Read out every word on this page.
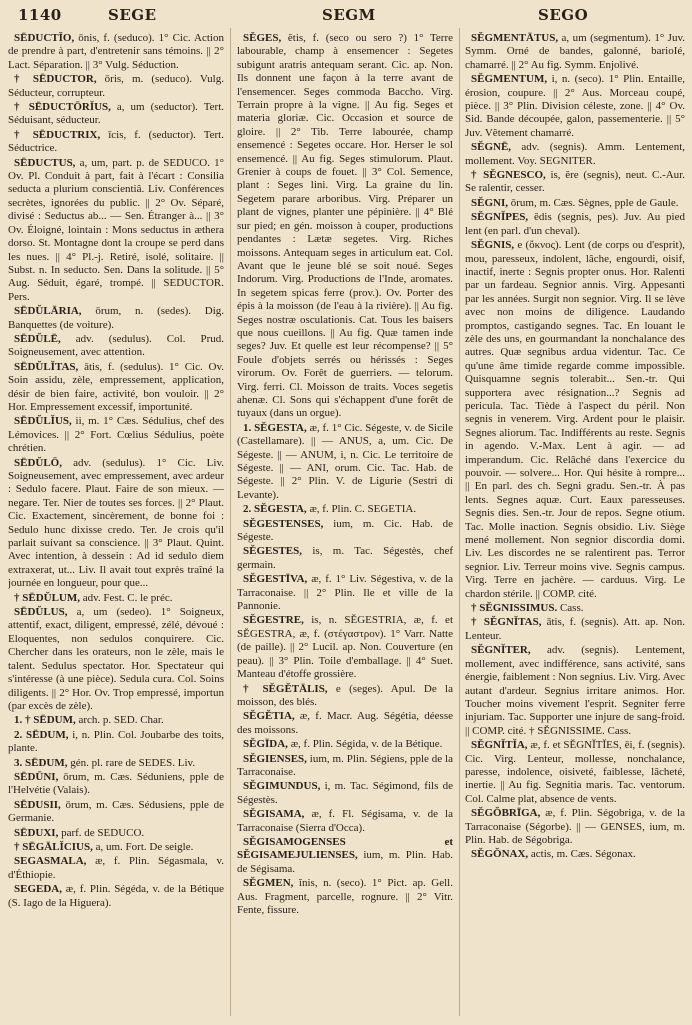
1140	SEGE	SEGM	SEGO

SĒDUCTĬO, ōnis, f. (seduco). 1° Cic. Action de prendre à part, d'entretenir sans témoins. || 2° Lact. Séparation. || 3° Vulg. Séduction.

† SĒDUCTOR, ōris, m. (seduco). Vulg. Séducteur, corrupteur.

† SĒDUCTŌRĬUS, a, um (seductor). Tert. Séduisant, séducteur.

† SĒDUCTRIX, īcis, f. (seductor). Tert. Séductrice.

SĒDUCTUS, a, um, part. p. de SEDUCO. 1° Ov. Pl. Conduit à part, fait à l'écart : Consilia seducta a plurium conscientiâ. Liv. Conférences secrètes, ignorées du public. || 2° Ov. Séparé, divisé : Seductus ab... — Sen. Étranger à... || 3° Ov. Éloigné, lointain : Mons seductus in æthera dorso. St. Montagne dont la croupe se perd dans les nues. || 4° Pl.-j. Retiré, isolé, solitaire. || Subst. n. In seducto. Sen. Dans la solitude. || 5° Aug. Séduit, égaré, trompé. || SEDUCTOR. Pers.

SĒDŬLĀRIA, ōrum, n. (sedes). Dig. Banquettes (de voiture).

SĒDŬLĒ, adv. (sedulus). Col. Prud. Soigneusement, avec attention.

SĒDŬLĬTAS, ātis, f. (sedulus). 1° Cic. Ov. Soin assidu, zèle, empressement, application, désir de bien faire, activité, bon vouloir. || 2° Hor. Empressement excessif, importunité.

SĒDŬLĬUS, ii, m. 1° Cæs. Sédulius, chef des Lémovices. || 2° Fort. Cœlius Sédulius, poète chrétien.

SĒDŬLŌ, adv. (sedulus). 1° Cic. Liv. Soigneusement, avec empressement, avec ardeur : Sedulo facere. Plaut. Faire de son mieux. — negare. Ter. Nier de toutes ses forces. || 2° Plaut. Cic. Exactement, sincèrement, de bonne foi : Sedulo hunc dixisse credo. Ter. Je crois qu'il parlait suivant sa conscience. || 3° Plaut. Quint. Avec intention, à dessein : Ad id sedulo diem extraxerat, ut... Liv. Il avait tout exprès traîné la journée en longueur, pour que...

† SĒDŬLUM, adv. Fest. C. le préc.

SĒDŬLUS, a, um (sedeo). 1° Soigneux, attentif, exact, diligent, empressé, zélé, dévoué : Eloquentes, non sedulos conquirere. Cic. Chercher dans les orateurs, non le zèle, mais le talent. Sedulus spectator. Hor. Spectateur qui s'intéresse (à une pièce). Sedula cura. Col. Soins diligents. || 2° Hor. Ov. Trop empressé, importun (par excès de zèle).

1. † SĒDUM, arch. p. SED. Char.

2. SĒDUM, i, n. Plin. Col. Joubarbe des toits, plante.

3. SĒDUM, gén. pl. rare de SEDES. Liv.

SĒDŪNI, ōrum, m. Cæs. Séduniens, pple de l'Helvétie (Valais).

SĒDUSII, ōrum, m. Cæs. Sédusiens, pple de Germanie.

SĒDUXI, parf. de SEDUCO.

† SĒGĀLĬCIUS, a, um. Fort. De seigle.

SEGASMALA, æ, f. Plin. Ségasmala, v. d'Éthiopie.

SEGEDA, æ, f. Plin. Ségéda, v. de la Bétique (S. Iago de la Higuera).

SĔGES, ĕtis, f. (seco ou sero ?) 1° Terre labourable, champ à ensemencer : Segetes subigunt aratris antequam serant. Cic. ap. Non. Ils donnent une façon à la terre avant de l'ensemencer. Seges commoda Baccho. Virg. Terrain propre à la vigne. || Au fig. Seges et materia gloriæ. Cic. Occasion et source de gloire. || 2° Tib. Terre labourée, champ ensemencé : Segetes occare. Hor. Herser le sol ensemencé. || Au fig. Seges stimulorum. Plaut. Grenier à coups de fouet. || 3° Col. Semence, plant : Seges lini. Virg. La graine du lin. Segetem parare arboribus. Virg. Préparer un plant de vignes, planter une pépinière. || 4° Blé sur pied; en gén. moisson à couper, productions pendantes : Lætæ segetes. Virg. Riches moissons. Antequam seges in articulum eat. Col. Avant que le jeune blé se soit noué. Seges Indorum. Virg. Productions de l'Inde, aromates. In segetem spicas ferre (prov.). Ov. Porter des épis à la moisson (de l'eau à la rivière). || Au fig. Seges nostræ osculationis. Cat. Tous les baisers que nous cueillons. || Au fig. Quæ tamen inde seges? Juv. Et quelle est leur récompense? || 5° Foule d'objets serrés ou hérissés : Seges virorum. Ov. Forêt de guerriers. — telorum. Virg. ferri. Cl. Moisson de traits. Voces segetis ahenæ. Cl. Sons qui s'échappent d'une forêt de tuyaux (dans un orgue).

1. SĔGESTA, æ, f. 1° Cic. Ségeste, v. de Sicile (Castellamare). || — ANUS, a, um. Cic. De Ségeste. || — ANUM, i, n. Cic. Le territoire de Ségeste. || — ANI, orum. Cic. Tac. Hab. de Ségeste. || 2° Plin. V. de Ligurie (Sestri di Levante).

2. SĔGESTA, æ, f. Plin. C. SEGETIA.

SĔGESTENSES, ium, m. Cic. Hab. de Ségeste.

SĔGESTES, is, m. Tac. Ségestès, chef germain.

SĔGESTĪVA, æ, f. 1° Liv. Ségestiva, v. de la Tarraconaise. || 2° Plin. Ile et ville de la Pannonie.

SĔGESTRE, is, n. SĔGESTRIA, æ, f. et SĔGESTRA, æ, f. (στέγαστρον). 1° Varr. Natte (de paille). || 2° Lucil. ap. Non. Couverture (en peau). || 3° Plin. Toile d'emballage. || 4° Suet. Manteau d'étoffe grossière.

† SĔGĔTĀLIS, e (seges). Apul. De la moisson, des blés.

SĔGĔTIA, æ, f. Macr. Aug. Ségétia, déesse des moissons.

SĔGĪDA, æ, f. Plin. Ségida, v. de la Bétique.

SĔGIENSES, ium, m. Plin. Ségiens, pple de la Tarraconaise.

SĔGIMUNDUS, i, m. Tac. Ségimond, fils de Ségestès.

SĔGISAMA, æ, f. Fl. Ségisama, v. de la Tarraconaise (Sierra d'Occa).

SĔGISAMOGENSES et SĔGISAMEJULIENSES, ium, m. Plin. Hab. de Ségisama.

SĔGMEN, ĭnis, n. (seco). 1° Pict. ap. Gell. Aus. Fragment, parcelle, rognure. || 2° Vitr. Fente, fissure.

SĔGMENTĀTUS, a, um (segmentum). 1° Juv. Symm. Orné de bandes, galonné, barioIé, chamarré. || 2° Au fig. Symm. Enjolivé.

SĔGMENTUM, i, n. (seco). 1° Plin. Entaille, érosion, coupure. || 2° Aus. Morceau coupé, pièce. || 3° Plin. Division céleste, zone. || 4° Ov. Sid. Bande découpée, galon, passementerie. || 5° Juv. Vêtement chamarré.

SĔGNĒ, adv. (segnis). Amm. Lentement, mollement. Voy. SEGNITER.

† SĔGNESCO, is, ĕre (segnis), neut. C.-Aur. Se ralentir, cesser.

SĔGNI, ōrum, m. Cæs. Sègnes, pple de Gaule.

SĔGNĬPES, ĕdis (segnis, pes). Juv. Au pied lent (en parl. d'un cheval).

SĔGNIS, e (ὄκνος). Lent (de corps ou d'esprit), mou, paresseux, indolent, lâche, engourdi, oisif, inactif, inerte : Segnis propter onus. Hor. Ralenti par un fardeau. Segnior annis. Virg. Appesanti par les années. Surgit non segnior. Virg. Il se lève avec non moins de diligence. Laudando promptos, castigando segnes. Tac. En louant le zèle des uns, en gourmandant la nonchalance des autres. Quæ segnibus ardua videntur. Tac. Ce qu'une âme timide regarde comme impossible. Quisquamne segnis tolerabit... Sen.-tr. Qui supportera avec résignation...? Segnis ad pericula. Tac. Tiède à l'aspect du péril. Non segnis in venerem. Virg. Ardent pour le plaisir. Segnes aliorum. Tac. Indifférents au reste. Segnis in agendo. V.-Max. Lent à agir. — ad imperandum. Cic. Relâché dans l'exercice du pouvoir. — solvere... Hor. Qui hésite à rompre... || En parl. des ch. Segni gradu. Sen.-tr. À pas lents. Segnes aquæ. Curt. Eaux paresseuses. Segnis dies. Sen.-tr. Jour de repos. Segne otium. Tac. Molle inaction. Segnis obsidio. Liv. Siège mené mollement. Non segnior discordia domi. Liv. Les discordes ne se ralentirent pas. Terror segnior. Liv. Terreur moins vive. Segnis campus. Virg. Terre en jachère. — carduus. Virg. Le chardon stérile. || COMP. cité.

† SĔGNISSIMUS. Cass.

† SĔGNĬTAS, ātis, f. (segnis). Att. ap. Non. Lenteur.

SĔGNĬTER, adv. (segnis). Lentement, mollement, avec indifférence, sans activité, sans énergie, faiblement : Non segnius. Liv. Virg. Avec autant d'ardeur. Segnius irritare animos. Hor. Toucher moins vivement l'esprit. Segniter ferre injuriam. Tac. Supporter une injure de sang-froid. || COMP. cité. † SĔGNISSIME. Cass.

SĔGNĬTĬA, æ, f. et SĔGNĬTĬES, ēi, f. (segnis). Cic. Virg. Lenteur, mollesse, nonchalance, paresse, indolence, oisiveté, faiblesse, lâcheté, inertie. || Au fig. Segnitia maris. Tac. ventorum. Col. Calme plat, absence de vents.

SĔGŎBRĪGA, æ, f. Plin. Ségobriga, v. de la Tarraconaise (Ségorbe). || — GENSES, ium, m. Plin. Hab. de Ségobriga.

SĔGŎNAX, actis, m. Cæs. Ségonax.
